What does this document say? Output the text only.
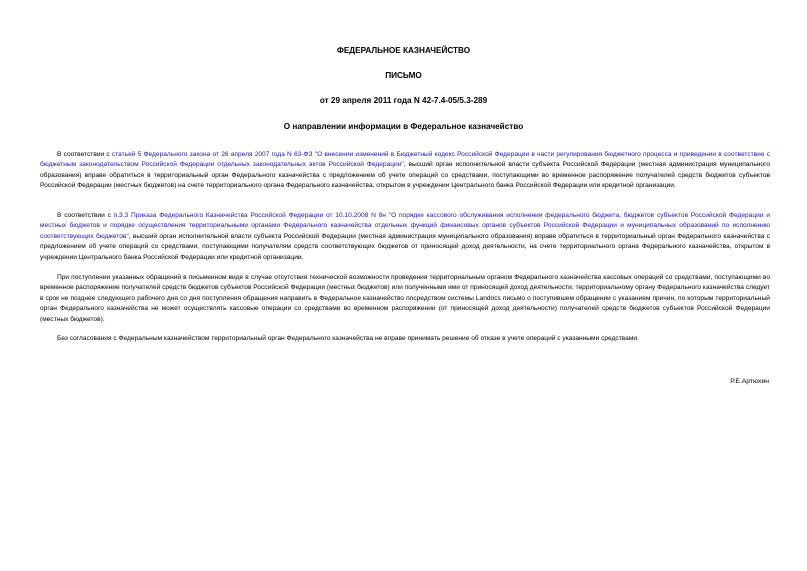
ФЕДЕРАЛЬНОЕ КАЗНАЧЕЙСТВО
ПИСЬМО
от 29 апреля 2011 года N 42-7.4-05/5.3-289
О направлении информации в Федеральное казначейство

В соответствии с статьей 5 Федерального закона от 26 апреля 2007 года N 63-ФЗ "О внесении изменений в Бюджетный кодекс Российской Федерации в части регулирования бюджетного процесса и приведении в соответствие с бюджетным законодательством Российской Федерации отдельных законодательных актов Российской Федерации", высший орган исполнительной власти субъекта Российской Федерации (местная администрация муниципального образования) вправе обратиться в территориальный орган Федерального казначейства с предложением об учете операций со средствами, поступающими во временное распоряжение получателей средств бюджетов субъектов Российской Федерации (местных бюджетов) на счете территориального органа Федерального казначейства, открытом в учреждении Центрального банка Российской Федерации или кредитной организации.

В соответствии с п.3.3 Приказа Федерального Казначейства Российской Федерации от 10.10.2008 N 8н "О порядке кассового обслуживания исполнения федерального бюджета, бюджетов субъектов Российской Федерации и местных бюджетов и порядке осуществления территориальными органами Федерального казначейства отдельных функций финансовых органов субъектов Российской Федерации и муниципальных образований по исполнению соответствующих бюджетов", высший орган исполнительной власти субъекта Российской Федерации (местная администрация муниципального образования) вправе обратиться в территориальный орган Федерального казначейства с предложением об учете операций со средствами, поступающими получателям средств соответствующих бюджетов от приносящей доход деятельности, на счете территориального органа Федерального казначейства, открытом в учреждении Центрального банка Российской Федерации или кредитной организации.

При поступлении указанных обращений в письменном виде в случае отсутствия технической возможности проведения территориальным органом Федерального казначейства кассовых операций со средствами, поступающими во временное распоряжение получателей средств бюджетов субъектов Российской Федерации (местных бюджетов) или полученными ими от приносящей доход деятельности, территориальному органу Федерального казначейства следует в срок не позднее следующего рабочего дня со дня поступления обращения направить в Федеральное казначейство посредством системы Landocs письмо о поступившем обращении с указанием причин, по которым территориальный орган Федерального казначейства не может осуществлять кассовые операции со средствами во временном распоряжении (от приносящей доход деятельности) получателей средств бюджетов субъектов Российской Федерации (местных бюджетов).

Без согласования с Федеральным казначейством территориальный орган Федерального казначейства не вправе принимать решение об отказе в учете операций с указанными средствами.

Р.Е.Артюхин
